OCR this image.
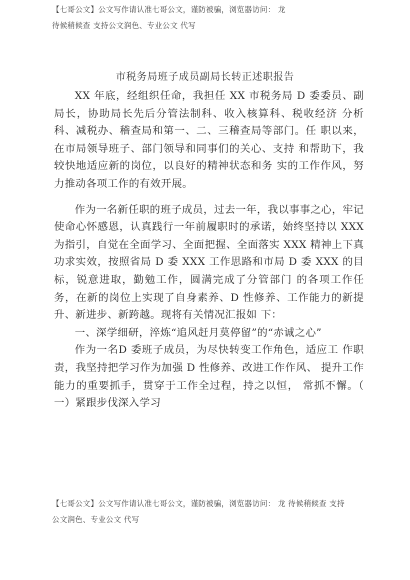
【七哥公文】公文写作请认准七哥公文，谨防被骗，浏览器访问： 龙
待候稍候查 支持公文润色、专业公文 代写
市税务局班子成员副局长转正述职报告

XX 年底，经组织任命，我担任 XX 市税务局 D 委委员、副局长，协助局长先后分管法制科、收入核算科、税收经济 分析科、减税办、稽查局和第一、二、三稽查局等部门。任 职以来，在市局领导班子、部门领导和同事们的关心、支持 和帮助下，我较快地适应新的岗位，以良好的精神状态和务 实的工作作风，努力推动各项工作的有效开展。

作为一名新任职的班子成员，过去一年，我以事事之心，牢记使命心怀感恩，认真践行一年前履职时的承诺，始终坚持以 XXX 为指引，自觉在全面学习、全面把握、全面落实 XXX 精神上下真功求实效，按照省局 D 委 XXX 工作思路和市局 D 委 XXX 的目标，锐意进取，勤勉工作，圆满完成了分管部门 的各项工作任务，在新的岗位上实现了自身素养、D 性修养、工作能力的新提升、新进步、新跨越。现将有关情况汇报如 下：

一、深学细研，淬炼“追风赶月莫停留”的“赤诚之心”

作为一名D 委班子成员，为尽快转变工作角色，适应工 作职责，我坚持把学习作为加强 D 性修养、改进工作作风、 提升工作能力的重要抓手，贯穿于工作全过程，持之以恒， 常抓不懈。（ 一）紧跟步伐深入学习

【七哥公文】公文写作请认准七哥公文，谨防被骗，浏览器访问： 龙 待候稍候查 支持
公文润色、专业公文 代写
